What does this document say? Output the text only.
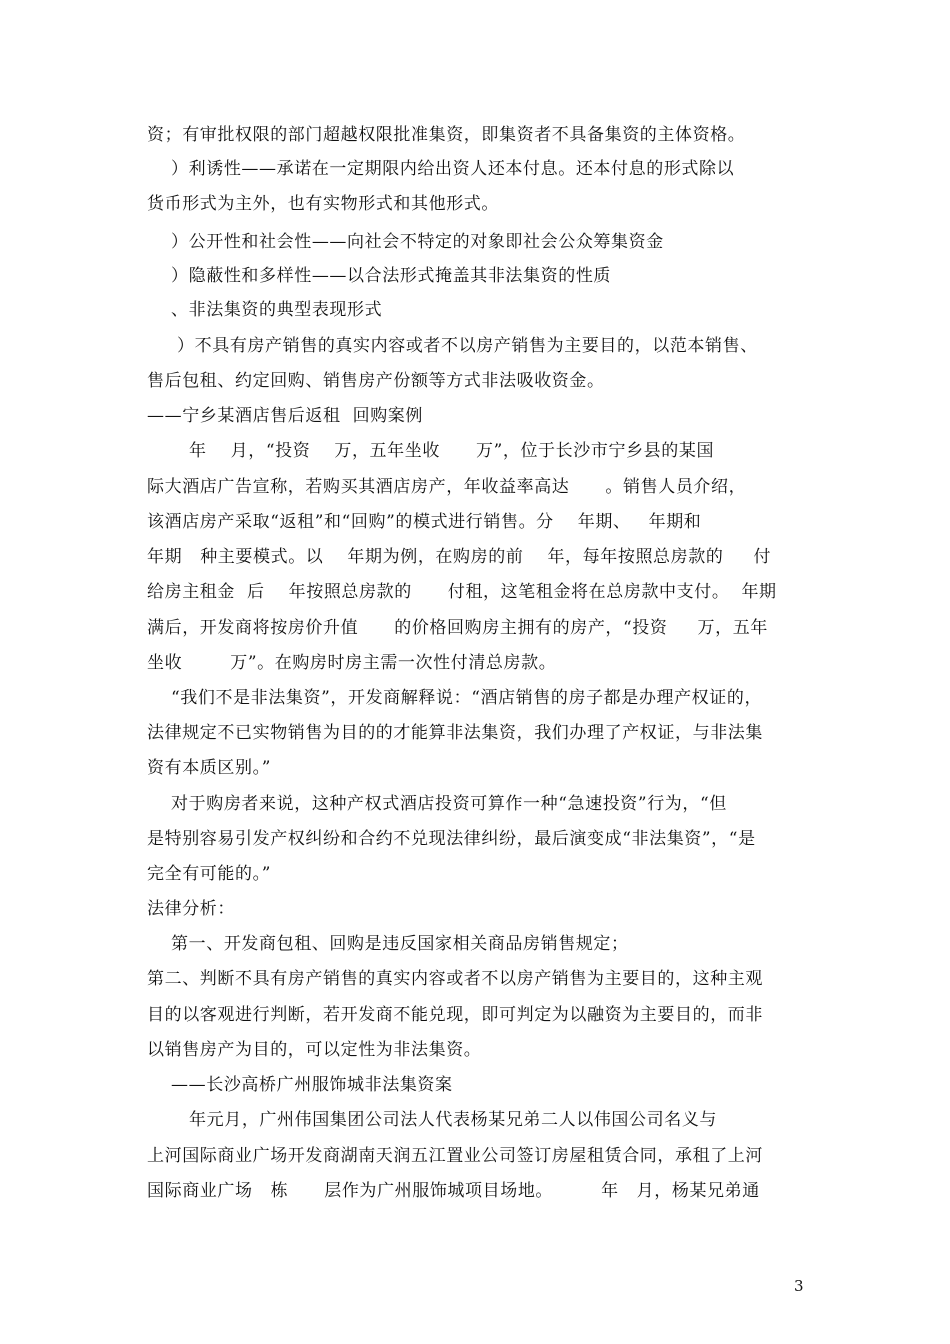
资；有审批权限的部门超越权限批准集资，即集资者不具备集资的主体资格。
）利诱性——承诺在一定期限内给出资人还本付息。还本付息的形式除以
货币形式为主外，也有实物形式和其他形式。
）公开性和社会性——向社会不特定的对象即社会公众筹集资金
）隐蔽性和多样性——以合法形式掩盖其非法集资的性质
、非法集资的典型表现形式
）不具有房产销售的真实内容或者不以房产销售为主要目的，以范本销售、
售后包租、约定回购、销售房产份额等方式非法吸收资金。
——宁乡某酒店售后返租  回购案例
年    月，“投资    万，五年坐收      万”，位于长沙市宁乡县的某国
际大酒店广告宣称，若购买其酒店房产，年收益率高达      。销售人员介绍，
该酒店房产采取“返租”和“回购”的模式进行销售。分    年期、   年期和
年期   种主要模式。以    年期为例，在购房的前    年，每年按照总房款的     付
给房主租金  后    年按照总房款的      付租，这笔租金将在总房款中支付。  年期
满后，开发商将按房价升值      的价格回购房主拥有的房产，“投资     万，五年
坐收        万”。在购房时房主需一次性付清总房款。
“我们不是非法集资”，开发商解释说：“酒店销售的房子都是办理产权证的，
法律规定不已实物销售为目的的才能算非法集资，我们办理了产权证，与非法集
资有本质区别。”
对于购房者来说，这种产权式酒店投资可算作一种“急速投资”行为，“但
是特别容易引发产权纠纷和合约不兑现法律纠纷，最后演变成“非法集资”，“是
完全有可能的。”
法律分析：
第一、开发商包租、回购是违反国家相关商品房销售规定；
第二、判断不具有房产销售的真实内容或者不以房产销售为主要目的，这种主观
目的以客观进行判断，若开发商不能兑现，即可判定为以融资为主要目的，而非
以销售房产为目的，可以定性为非法集资。
——长沙高桥广州服饰城非法集资案
年元月，广州伟国集团公司法人代表杨某兄弟二人以伟国公司名义与
上河国际商业广场开发商湖南天润五江置业公司签订房屋租赁合同，承租了上河
国际商业广场   栋      层作为广州服饰城项目场地。        年   月，杨某兄弟通
3
